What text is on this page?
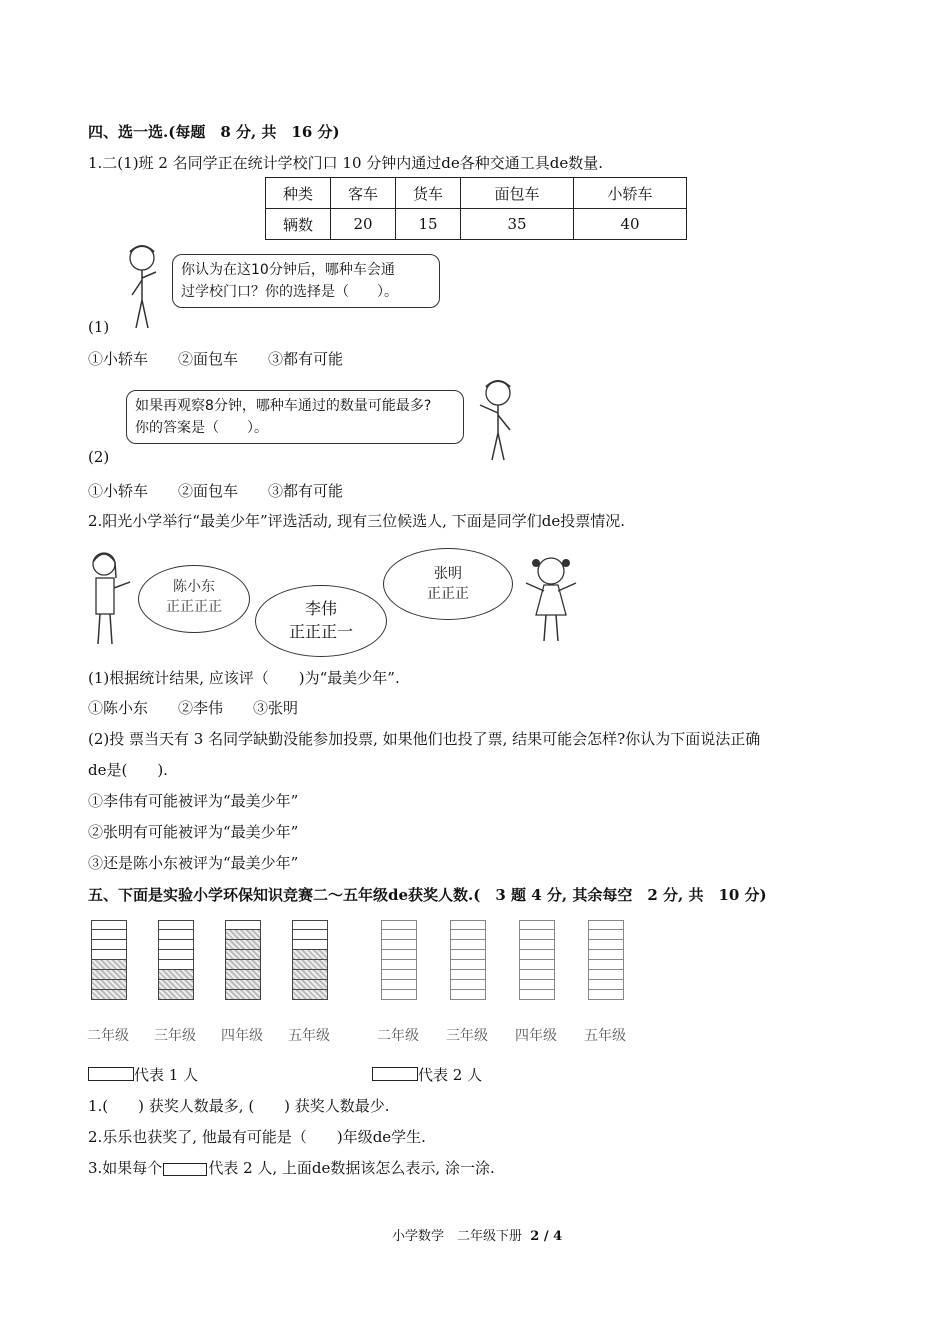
四、选一选.(每题　8 分, 共　16 分)
1.二(1)班 2 名同学正在统计学校门口 10 分钟内通过de各种交通工具de数量.
种类	客车	货车	面包车	小轿车
辆数	20	15	35	40
你认为在这10分钟后，哪种车会通
过学校门口？你的选择是（　　）。
(1)
①小轿车　　②面包车　　③都有可能
如果再观察8分钟，哪种车通过的数量可能最多?
你的答案是（　　）。
(2)
①小轿车　　②面包车　　③都有可能
2.阳光小学举行“最美少年”评选活动, 现有三位候选人, 下面是同学们de投票情况.
陈小东
正正正正	李伟
正正正一
张明
正正正
(1)根据统计结果, 应该评（　　)为“最美少年”.
①陈小东　　②李伟　　③张明
(2)投 票当天有 3 名同学缺勤没能参加投票, 如果他们也投了票, 结果可能会怎样?你认为下面说法正确
de是(　　).
①李伟有可能被评为“最美少年”
②张明有可能被评为“最美少年”
③还是陈小东被评为“最美少年”
五、下面是实验小学环保知识竞赛二～五年级de获奖人数.(　3 题 4 分, 其余每空　2 分, 共　10 分)
二年级 三年级 四年级 五年级	二年级 三年级 四年级 五年级
代表 1 人	代表 2 人
1.(　　) 获奖人数最多, (　　) 获奖人数最少.
2.乐乐也获奖了, 他最有可能是（　　)年级de学生.
3.如果每个	代表 2 人, 上面de数据该怎么表示, 涂一涂.
小学数学　二年级下册 2 / 4
